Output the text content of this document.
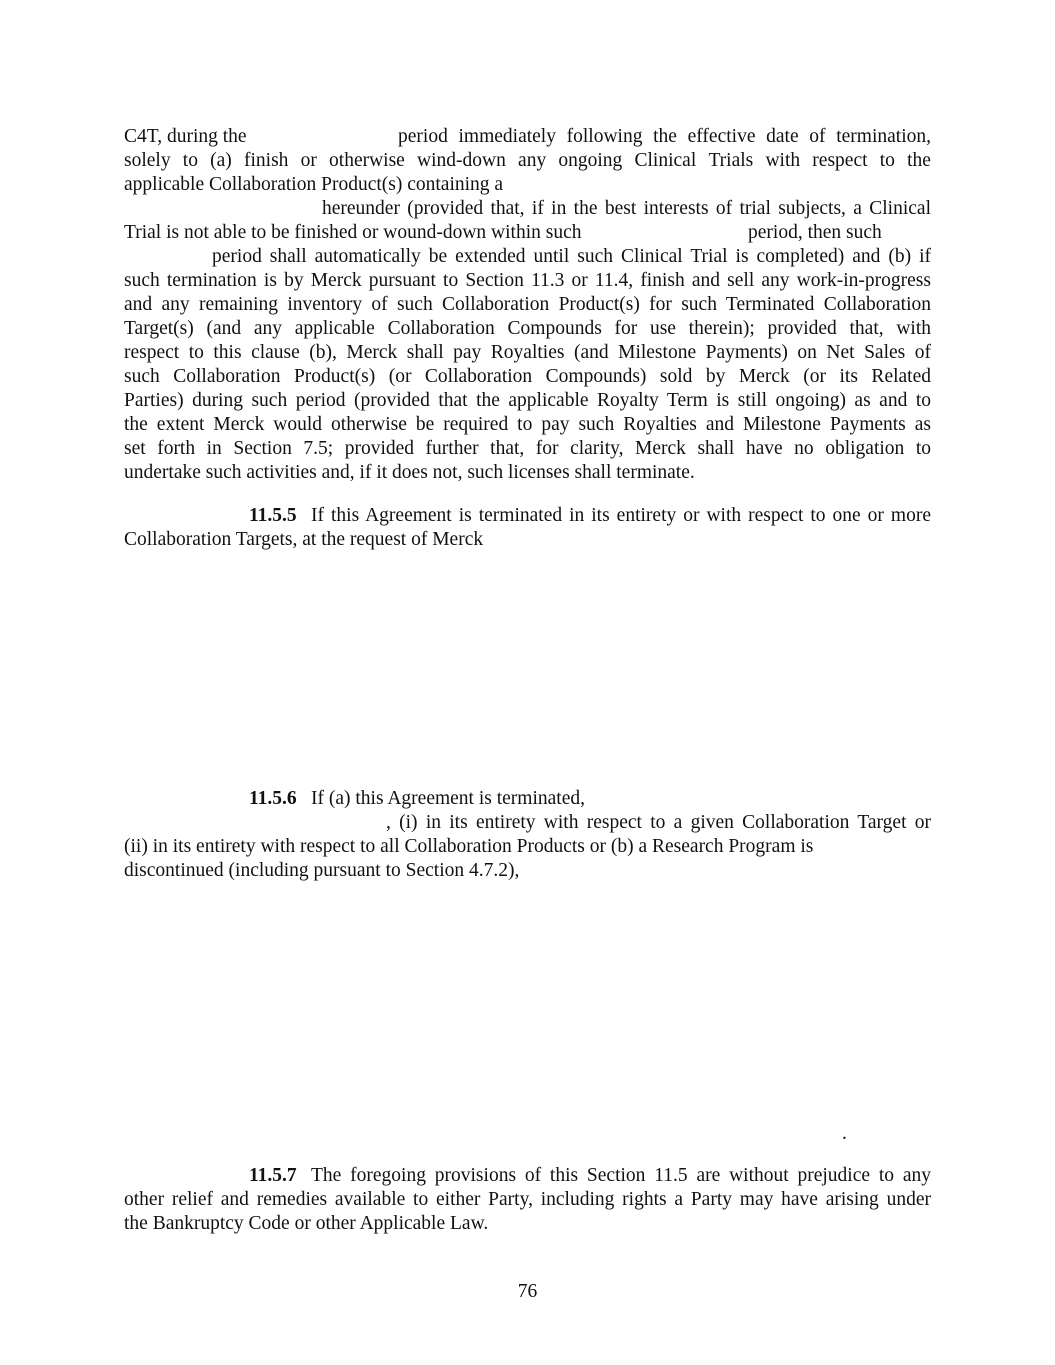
C4T, during the	period immediately following the effective date of termination,
solely to (a) finish or otherwise wind-down any ongoing Clinical Trials with respect to the
applicable Collaboration Product(s) containing a
hereunder (provided that, if in the best interests of trial subjects, a Clinical
Trial is not able to be finished or wound-down within such	period, then such
period shall automatically be extended until such Clinical Trial is completed) and (b) if
such termination is by Merck pursuant to Section 11.3 or 11.4, finish and sell any work-in-progress
and any remaining inventory of such Collaboration Product(s) for such Terminated Collaboration
Target(s) (and any applicable Collaboration Compounds for use therein); provided that, with
respect to this clause (b), Merck shall pay Royalties (and Milestone Payments) on Net Sales of
such Collaboration Product(s) (or Collaboration Compounds) sold by Merck (or its Related
Parties) during such period (provided that the applicable Royalty Term is still ongoing) as and to
the extent Merck would otherwise be required to pay such Royalties and Milestone Payments as
set forth in Section 7.5; provided further that, for clarity, Merck shall have no obligation to
undertake such activities and, if it does not, such licenses shall terminate.
11.5.5 If this Agreement is terminated in its entirety or with respect to one or more
Collaboration Targets, at the request of Merck
11.5.6 If (a) this Agreement is terminated,
, (i) in its entirety with respect to a given Collaboration Target or
(ii) in its entirety with respect to all Collaboration Products or (b) a Research Program is
discontinued (including pursuant to Section 4.7.2),
.
11.5.7 The foregoing provisions of this Section 11.5 are without prejudice to any
other relief and remedies available to either Party, including rights a Party may have arising under
the Bankruptcy Code or other Applicable Law.
76
